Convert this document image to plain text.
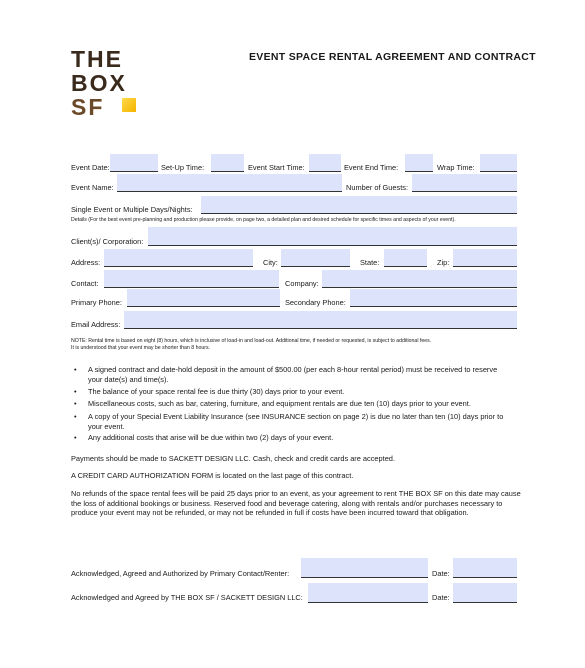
THE
BOX
SF
EVENT SPACE RENTAL AGREEMENT AND CONTRACT
Event Date:	Set-Up Time:	Event Start Time:	Event End Time:	Wrap Time:
Event Name:	Number of Guests:
Single Event or Multiple Days/Nights:
Details (For the best event pre-planning and production please provide, on page two, a detailed plan and desired schedule for specific times and aspects of your event).
Client(s)/ Corporation:
Address:	City:	State:	Zip:
Contact:	Company:
Primary Phone:	Secondary Phone:
Email Address:
NOTE: Rental time is based on eight (8) hours, which is inclusive of load-in and load-out. Additional time, if needed or requested, is subject to additional fees.
It is understood that your event may be shorter than 8 hours.
• A signed contract and date-hold deposit in the amount of $500.00 (per each 8-hour rental period) must be received to reserve your date(s) and time(s).
• The balance of your space rental fee is due thirty (30) days prior to your event.
• Miscellaneous costs, such as bar, catering, furniture, and equipment rentals are due ten (10) days prior to your event.
• A copy of your Special Event Liability Insurance (see INSURANCE section on page 2) is due no later than ten (10) days prior to your event.
• Any additional costs that arise will be due within two (2) days of your event.
Payments should be made to SACKETT DESIGN LLC. Cash, check and credit cards are accepted.
A CREDIT CARD AUTHORIZATION FORM is located on the last page of this contract.
No refunds of the space rental fees will be paid 25 days prior to an event, as your agreement to rent THE BOX SF on this date may cause the loss of additional bookings or business. Reserved food and beverage catering, along with rentals and/or purchases necessary to produce your event may not be refunded, or may not be refunded in full if costs have been incurred toward that obligation.
Acknowledged, Agreed and Authorized by Primary Contact/Renter:	Date:
Acknowledged and Agreed by THE BOX SF / SACKETT DESIGN LLC:	Date:
